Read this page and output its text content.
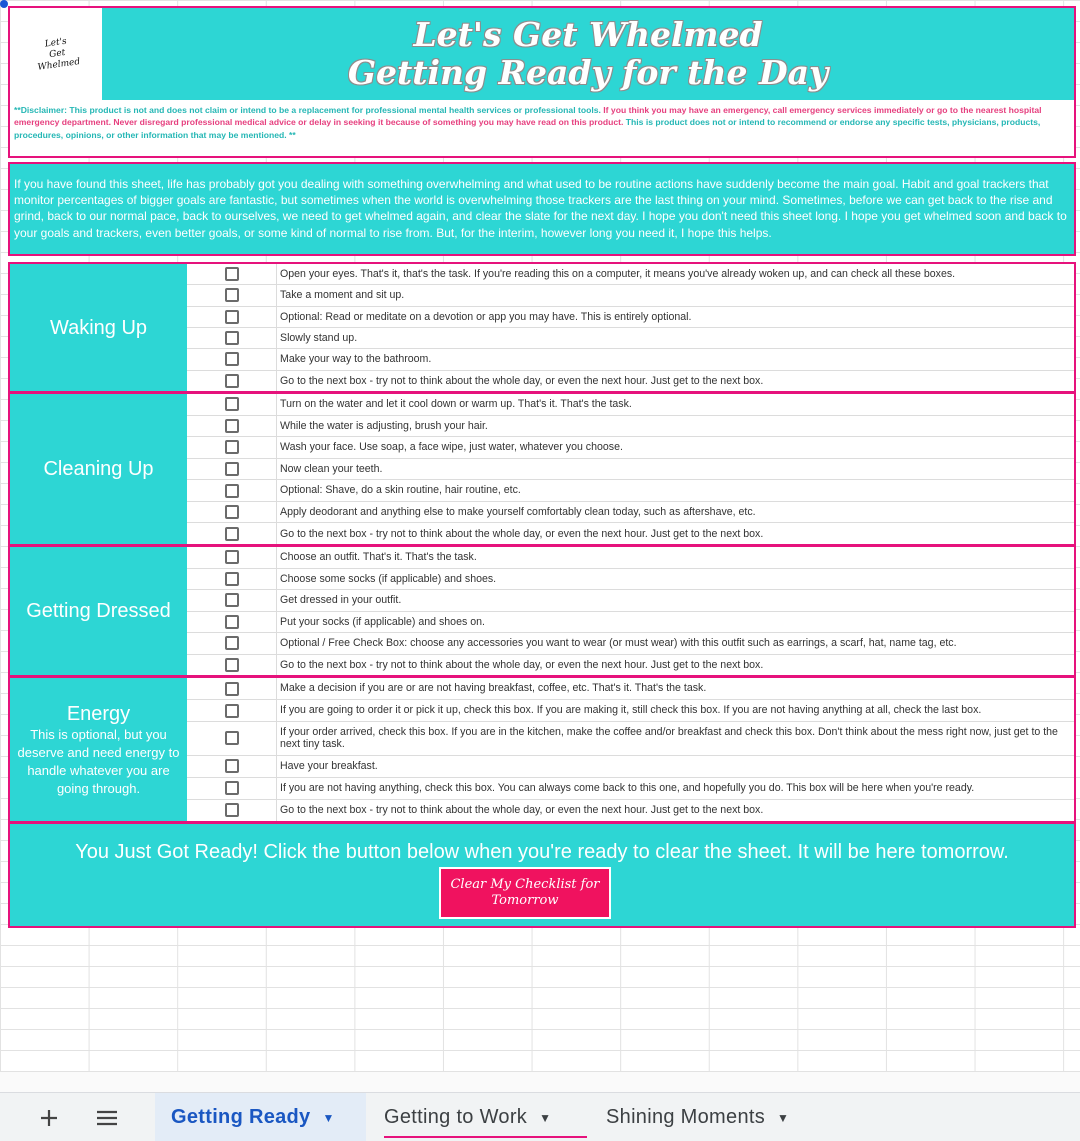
Let's
Get
Whelmed
Let's Get Whelmed
Getting Ready for the Day
**Disclaimer: This product is not and does not claim or intend to be a replacement for professional mental health services or professional tools. If you think you may have an emergency, call emergency services immediately or go to the nearest hospital emergency department. Never disregard professional medical advice or delay in seeking it because of something you may have read on this product. This is product does not or intend to recommend or endorse any specific tests, physicians, products, procedures, opinions, or other information that may be mentioned. **
If you have found this sheet, life has probably got you dealing with something overwhelming and what used to be routine actions have suddenly become the main goal. Habit and goal trackers that monitor percentages of bigger goals are fantastic, but sometimes when the world is overwhelming those trackers are the last thing on your mind. Sometimes, before we can get back to the rise and grind, back to our normal pace, back to ourselves, we need to get whelmed again, and clear the slate for the next day. I hope you don't need this sheet long. I hope you get whelmed soon and back to your goals and trackers, even better goals, or some kind of normal to rise from. But, for the interim, however long you need it, I hope this helps.
Waking Up
Open your eyes. That's it, that's the task. If you're reading this on a computer, it means you've already woken up, and can check all these boxes.
Take a moment and sit up.
Optional: Read or meditate on a devotion or app you may have. This is entirely optional.
Slowly stand up.
Make your way to the bathroom.
Go to the next box - try not to think about the whole day, or even the next hour. Just get to the next box.
Cleaning Up
Turn on the water and let it cool down or warm up. That's it. That's the task.
While the water is adjusting, brush your hair.
Wash your face. Use soap, a face wipe, just water, whatever you choose.
Now clean your teeth.
Optional: Shave, do a skin routine, hair routine, etc.
Apply deodorant and anything else to make yourself comfortably clean today, such as aftershave, etc.
Go to the next box - try not to think about the whole day, or even the next hour. Just get to the next box.
Getting Dressed
Choose an outfit. That's it. That's the task.
Choose some socks (if applicable) and shoes.
Get dressed in your outfit.
Put your socks (if applicable) and shoes on.
Optional / Free Check Box: choose any accessories you want to wear (or must wear) with this outfit such as earrings, a scarf, hat, name tag, etc.
Go to the next box - try not to think about the whole day, or even the next hour. Just get to the next box.
Energy
This is optional, but you deserve and need energy to handle whatever you are going through.
Make a decision if you are or are not having breakfast, coffee, etc. That's it. That's the task.
If you are going to order it or pick it up, check this box. If you are making it, still check this box. If you are not having anything at all, check the last box.
If your order arrived, check this box. If you are in the kitchen, make the coffee and/or breakfast and check this box. Don't think about the mess right now, just get to the next tiny task.
Have your breakfast.
If you are not having anything, check this box. You can always come back to this one, and hopefully you do. This box will be here when you're ready.
Go to the next box - try not to think about the whole day, or even the next hour. Just get to the next box.
You Just Got Ready! Click the button below when you're ready to clear the sheet. It will be here tomorrow.
Clear My Checklist for Tomorrow
Getting Ready ▼ Getting to Work ▼	Shining Moments ▼
